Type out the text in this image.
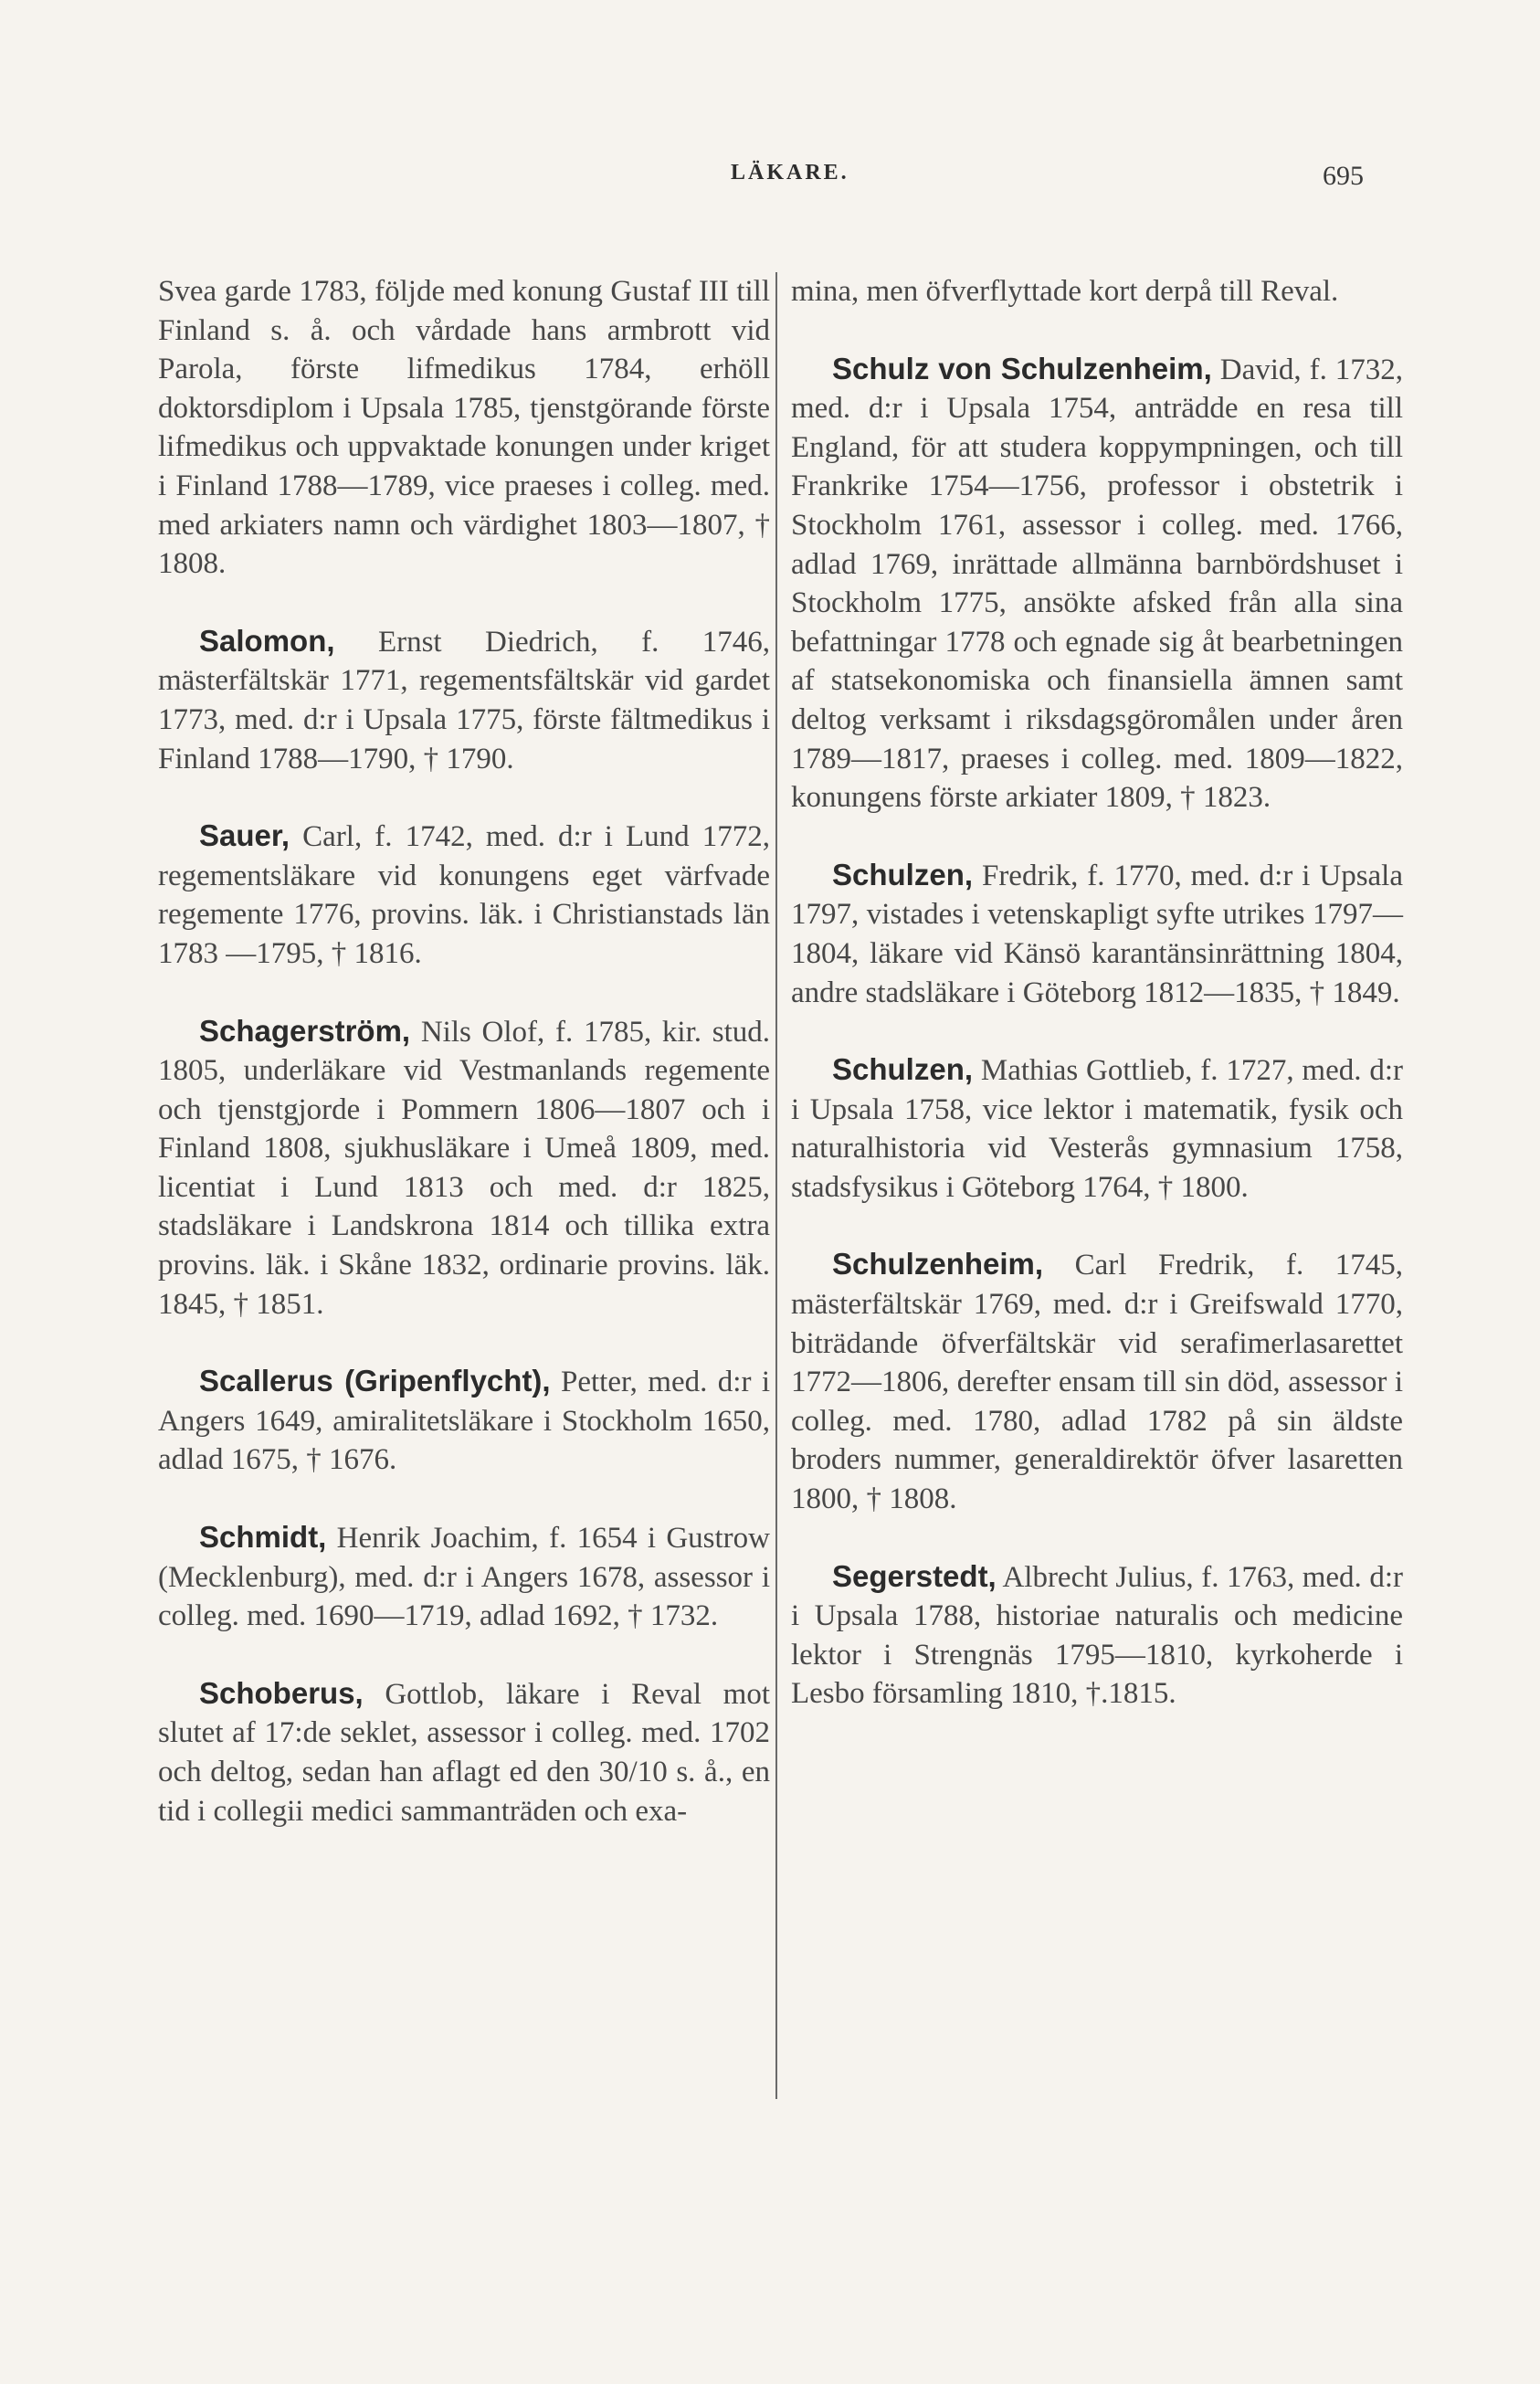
LÄKARE.	695

Svea garde 1783, följde med konung Gustaf III till Finland s. å. och vårdade hans armbrott vid Parola, förste lifmedikus 1784, erhöll doktorsdiplom i Upsala 1785, tjenstgörande förste lifmedikus och uppvaktade konungen under kriget i Finland 1788—1789, vice praeses i colleg. med. med arkiaters namn och värdighet 1803—1807, † 1808.

Salomon, Ernst Diedrich, f. 1746, mästerfältskär 1771, regementsfältskär vid gardet 1773, med. d:r i Upsala 1775, förste fältmedikus i Finland 1788—1790, † 1790.

Sauer, Carl, f. 1742, med. d:r i Lund 1772, regementsläkare vid konungens eget värfvade regemente 1776, provins. läk. i Christianstads län 1783 —1795, † 1816.

Schagerström, Nils Olof, f. 1785, kir. stud. 1805, underläkare vid Vestmanlands regemente och tjenstgjorde i Pommern 1806—1807 och i Finland 1808, sjukhusläkare i Umeå 1809, med. licentiat i Lund 1813 och med. d:r 1825, stadsläkare i Landskrona 1814 och tillika extra provins. läk. i Skåne 1832, ordinarie provins. läk. 1845, † 1851.

Scallerus (Gripenflycht), Petter, med. d:r i Angers 1649, amiralitetsläkare i Stockholm 1650, adlad 1675, † 1676.

Schmidt, Henrik Joachim, f. 1654 i Gustrow (Mecklenburg), med. d:r i Angers 1678, assessor i colleg. med. 1690—1719, adlad 1692, † 1732.

Schoberus, Gottlob, läkare i Reval mot slutet af 17:de seklet, assessor i colleg. med. 1702 och deltog, sedan han aflagt ed den 30/10 s. å., en tid i collegii medici sammanträden och exa-

mina, men öfverflyttade kort derpå till Reval.

Schulz von Schulzenheim, David, f. 1732, med. d:r i Upsala 1754, anträdde en resa till England, för att studera koppympningen, och till Frankrike 1754—1756, professor i obstetrik i Stockholm 1761, assessor i colleg. med. 1766, adlad 1769, inrättade allmänna barnbördshuset i Stockholm 1775, ansökte afsked från alla sina befattningar 1778 och egnade sig åt bearbetningen af statsekonomiska och finansiella ämnen samt deltog verksamt i riksdagsgöromålen under åren 1789—1817, praeses i colleg. med. 1809—1822, konungens förste arkiater 1809, † 1823.

Schulzen, Fredrik, f. 1770, med. d:r i Upsala 1797, vistades i vetenskapligt syfte utrikes 1797—1804, läkare vid Känsö karantänsinrättning 1804, andre stadsläkare i Göteborg 1812—1835, † 1849.

Schulzen, Mathias Gottlieb, f. 1727, med. d:r i Upsala 1758, vice lektor i matematik, fysik och naturalhistoria vid Vesterås gymnasium 1758, stadsfysikus i Göteborg 1764, † 1800.

Schulzenheim, Carl Fredrik, f. 1745, mästerfältskär 1769, med. d:r i Greifswald 1770, biträdande öfverfältskär vid serafimerlasarettet 1772—1806, derefter ensam till sin död, assessor i colleg. med. 1780, adlad 1782 på sin äldste broders nummer, generaldirektör öfver lasaretten 1800, † 1808.

Segerstedt, Albrecht Julius, f. 1763, med. d:r i Upsala 1788, historiae naturalis och medicine lektor i Strengnäs 1795—1810, kyrkoherde i Lesbo församling 1810, †.1815.
